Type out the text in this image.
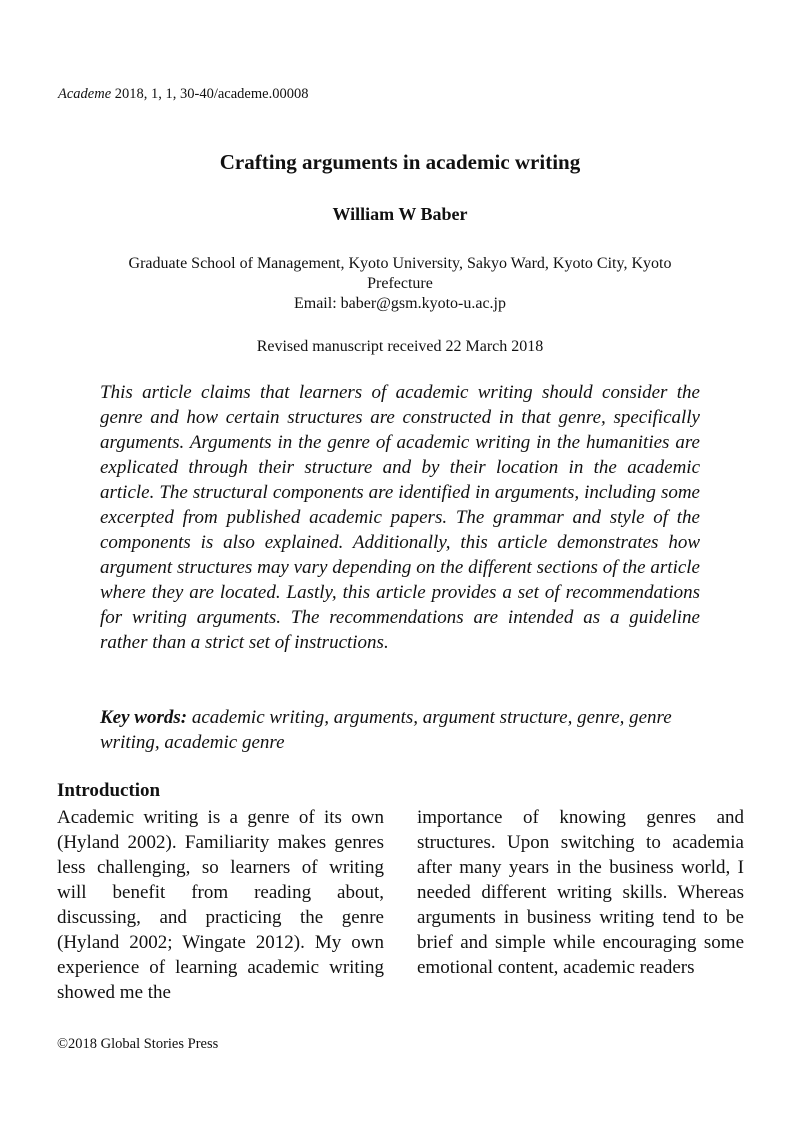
Academe 2018, 1, 1, 30-40/academe.00008
Crafting arguments in academic writing
William W Baber
Graduate School of Management, Kyoto University, Sakyo Ward, Kyoto City, Kyoto
Prefecture
Email: baber@gsm.kyoto-u.ac.jp
Revised manuscript received 22 March 2018

This article claims that learners of academic writing should consider the genre and how certain structures are constructed in that genre, specifically arguments. Arguments in the genre of academic writing in the humanities are explicated through their structure and by their location in the academic article. The structural components are identified in arguments, including some excerpted from published academic papers. The grammar and style of the components is also explained. Additionally, this article demonstrates how argument structures may vary depending on the different sections of the article where they are located. Lastly, this article provides a set of recommendations for writing arguments. The recommendations are intended as a guideline rather than a strict set of instructions.

Key words: academic writing, arguments, argument structure, genre, genre writing, academic genre

Introduction

Academic writing is a genre of its own (Hyland 2002). Familiarity makes genres less challenging, so learners of writing will benefit from reading about, discussing, and practicing the genre (Hyland 2002; Wingate 2012). My own experience of learning academic writing showed me the

importance of knowing genres and structures. Upon switching to academia after many years in the business world, I needed different writing skills. Whereas arguments in business writing tend to be brief and simple while encouraging some emotional content, academic readers

©2018 Global Stories Press
